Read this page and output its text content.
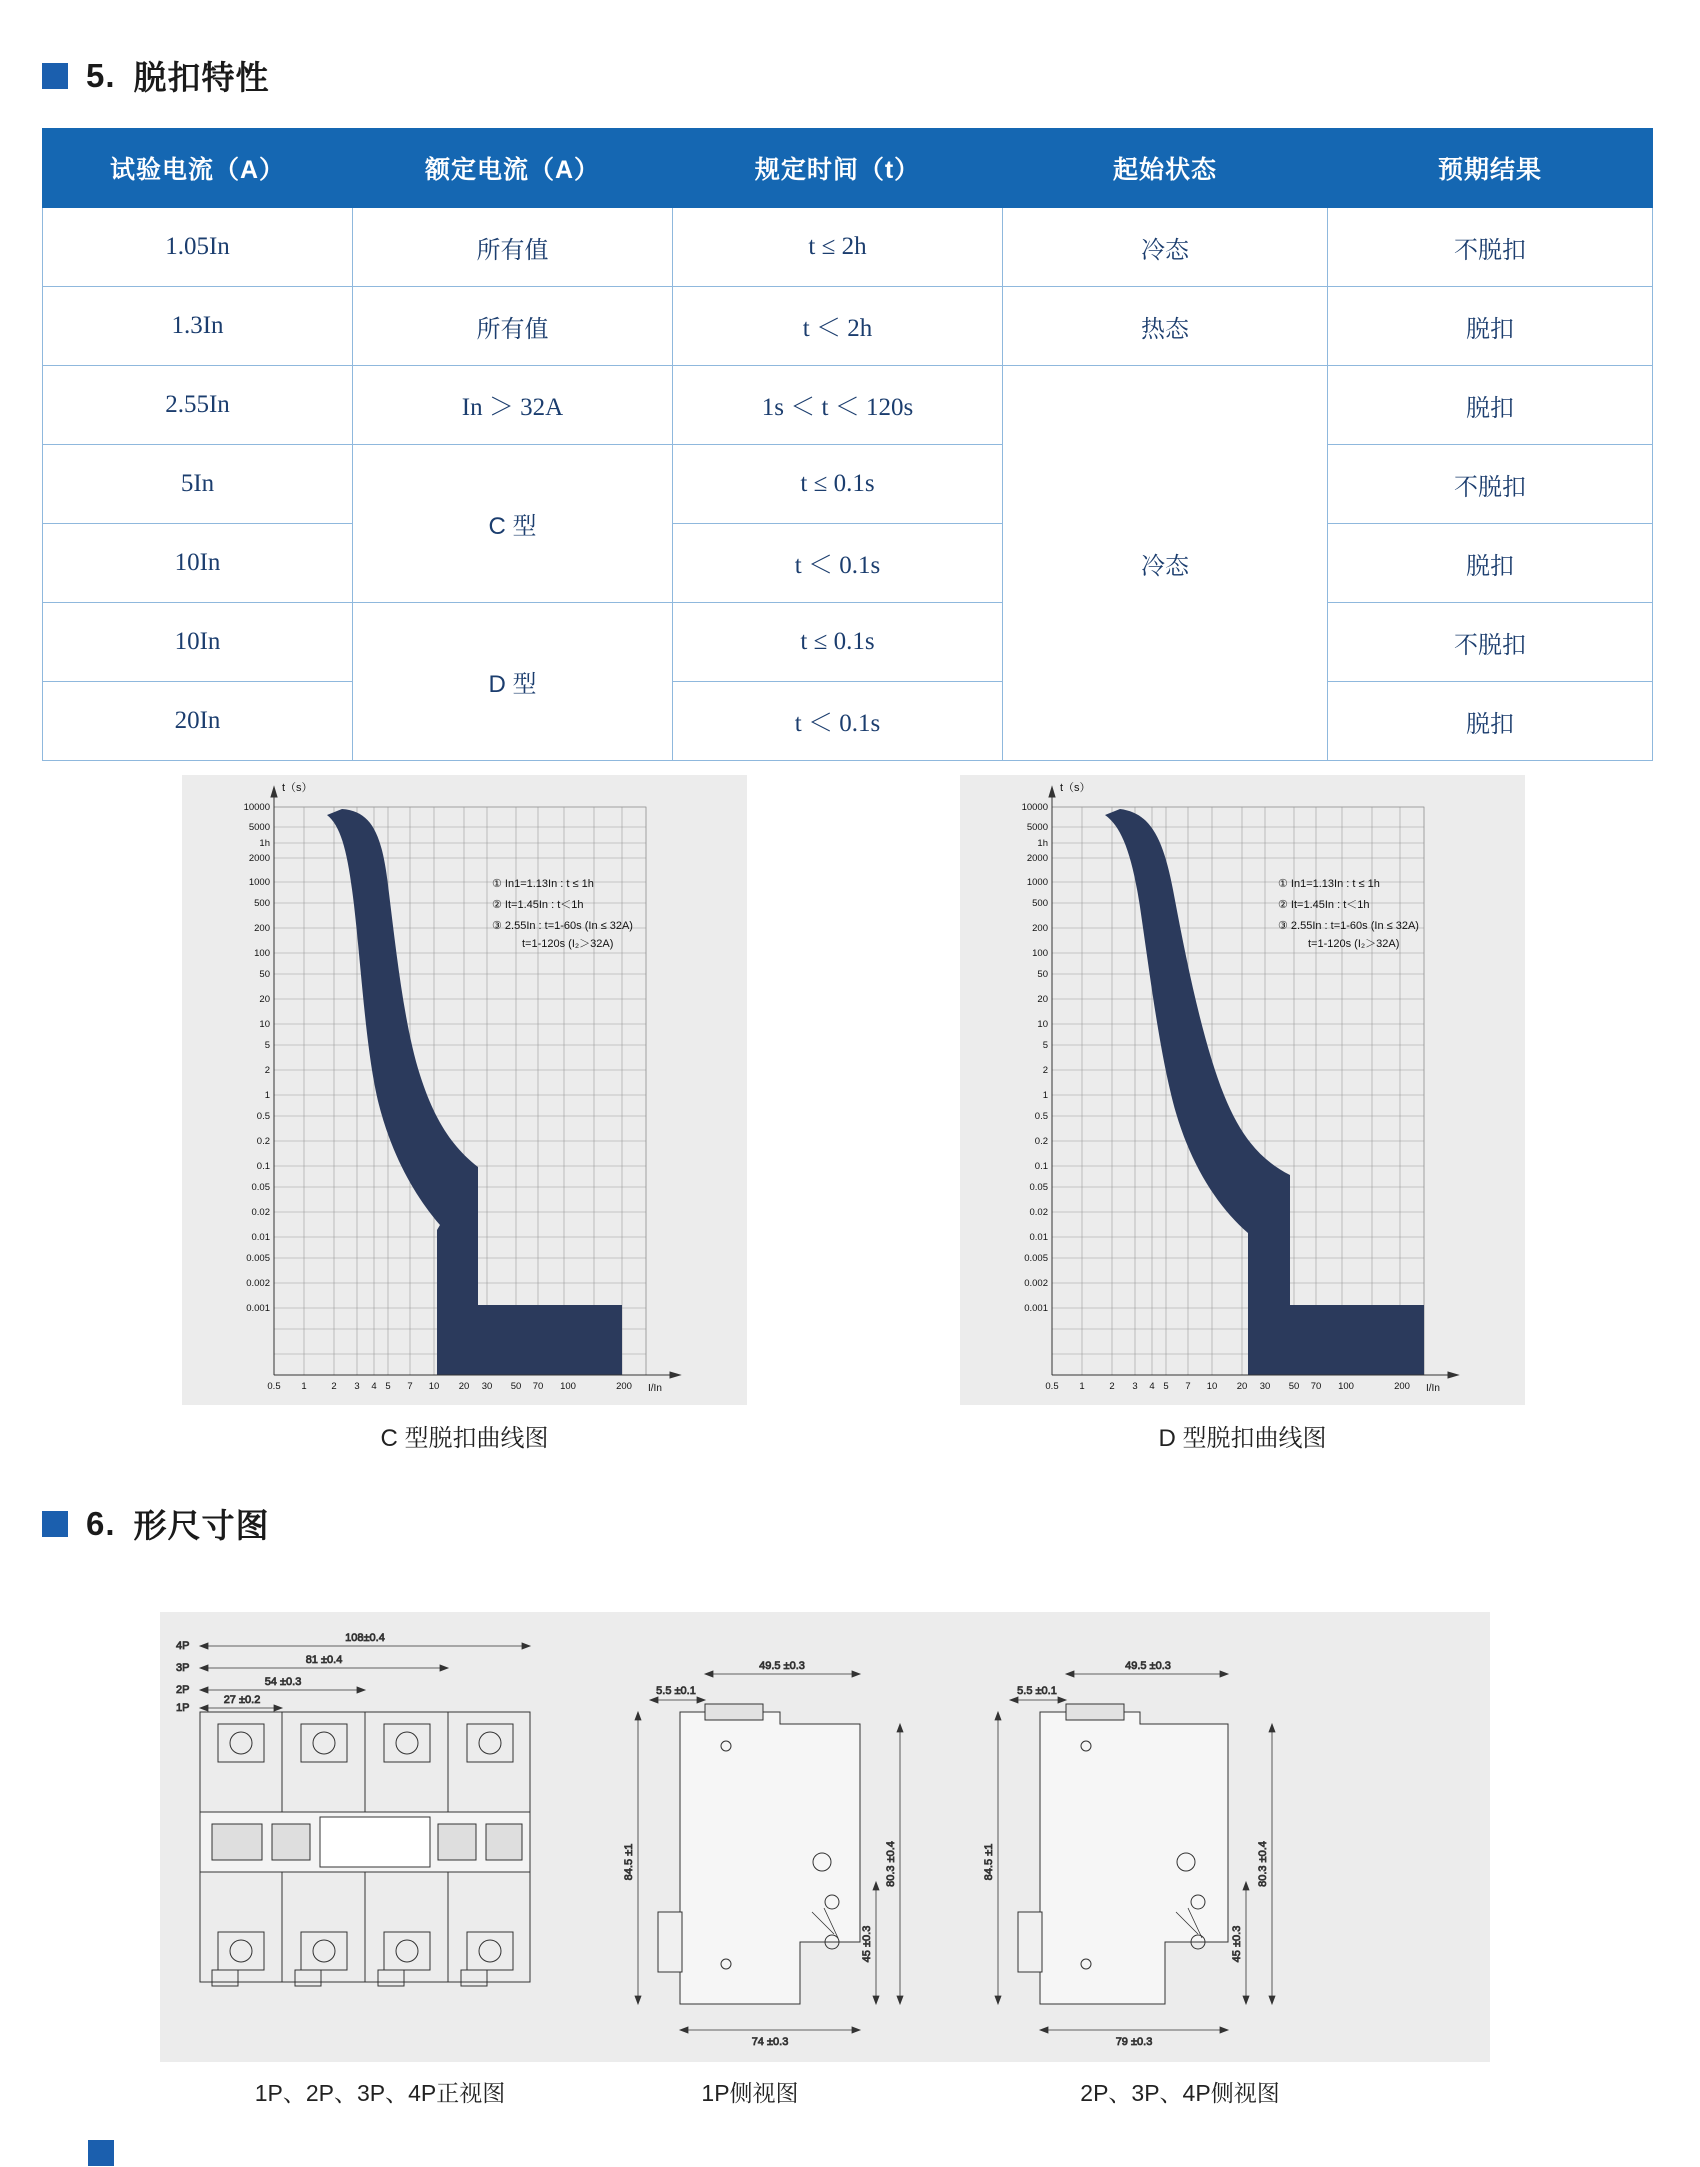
5. 脱扣特性
试验电流（A）	额定电流（A）	规定时间（t）	起始状态	预期结果
1.05In	所有值	t ≤ 2h	冷态	不脱扣
1.3In	所有值	t ＜ 2h	热态	脱扣
2.55In	In ＞ 32A	1s ＜ t ＜ 120s	冷态	脱扣
5In	C 型	t ≤ 0.1s		不脱扣
10In		t ＜ 0.1s		脱扣
10In	D 型	t ≤ 0.1s		不脱扣
20In		t ＜ 0.1s		脱扣
t（s）
I/In
10000
5000
1h
2000
1000
500
200
100
50
20
10
5
2
1
0.5
0.2
0.1
0.05
0.02
0.01
0.005
0.002
0.001
0.5 1	2 3 4 5 7 10 20 30 50 70 100	200
① In1=1.13In : t ≤ 1h
② It=1.45In : t＜1h
③ 2.55In : t=1-60s (In ≤ 32A)
t=1-120s (I₂＞32A)
C 型脱扣曲线图
t（s）
I/In
10000
5000
1h
2000
1000
500
200
100
50
20
10
5
2
1
0.5
0.2
0.1
0.05
0.02
0.01
0.005
0.002
0.001
0.5 1	2 3 4 5 7 10 20 30 50 70 100	200
① In1=1.13In : t ≤ 1h
② It=1.45In : t＜1h
③ 2.55In : t=1-60s (In ≤ 32A)
t=1-120s (I₂＞32A)
D 型脱扣曲线图
6. 形尺寸图
108±0.4
81 ±0.4
54 ±0.3
27 ±0.2
4P
3P
2P
1P
49.5 ±0.3
5.5 ±0.1
84.5 ±1
45 ±0.3
80.3 ±0.4
74 ±0.3
49.5 ±0.3
5.5 ±0.1
84.5 ±1
45 ±0.3
80.3 ±0.4
79 ±0.3
1P、2P、3P、4P正视图	1P侧视图	2P、3P、4P侧视图
